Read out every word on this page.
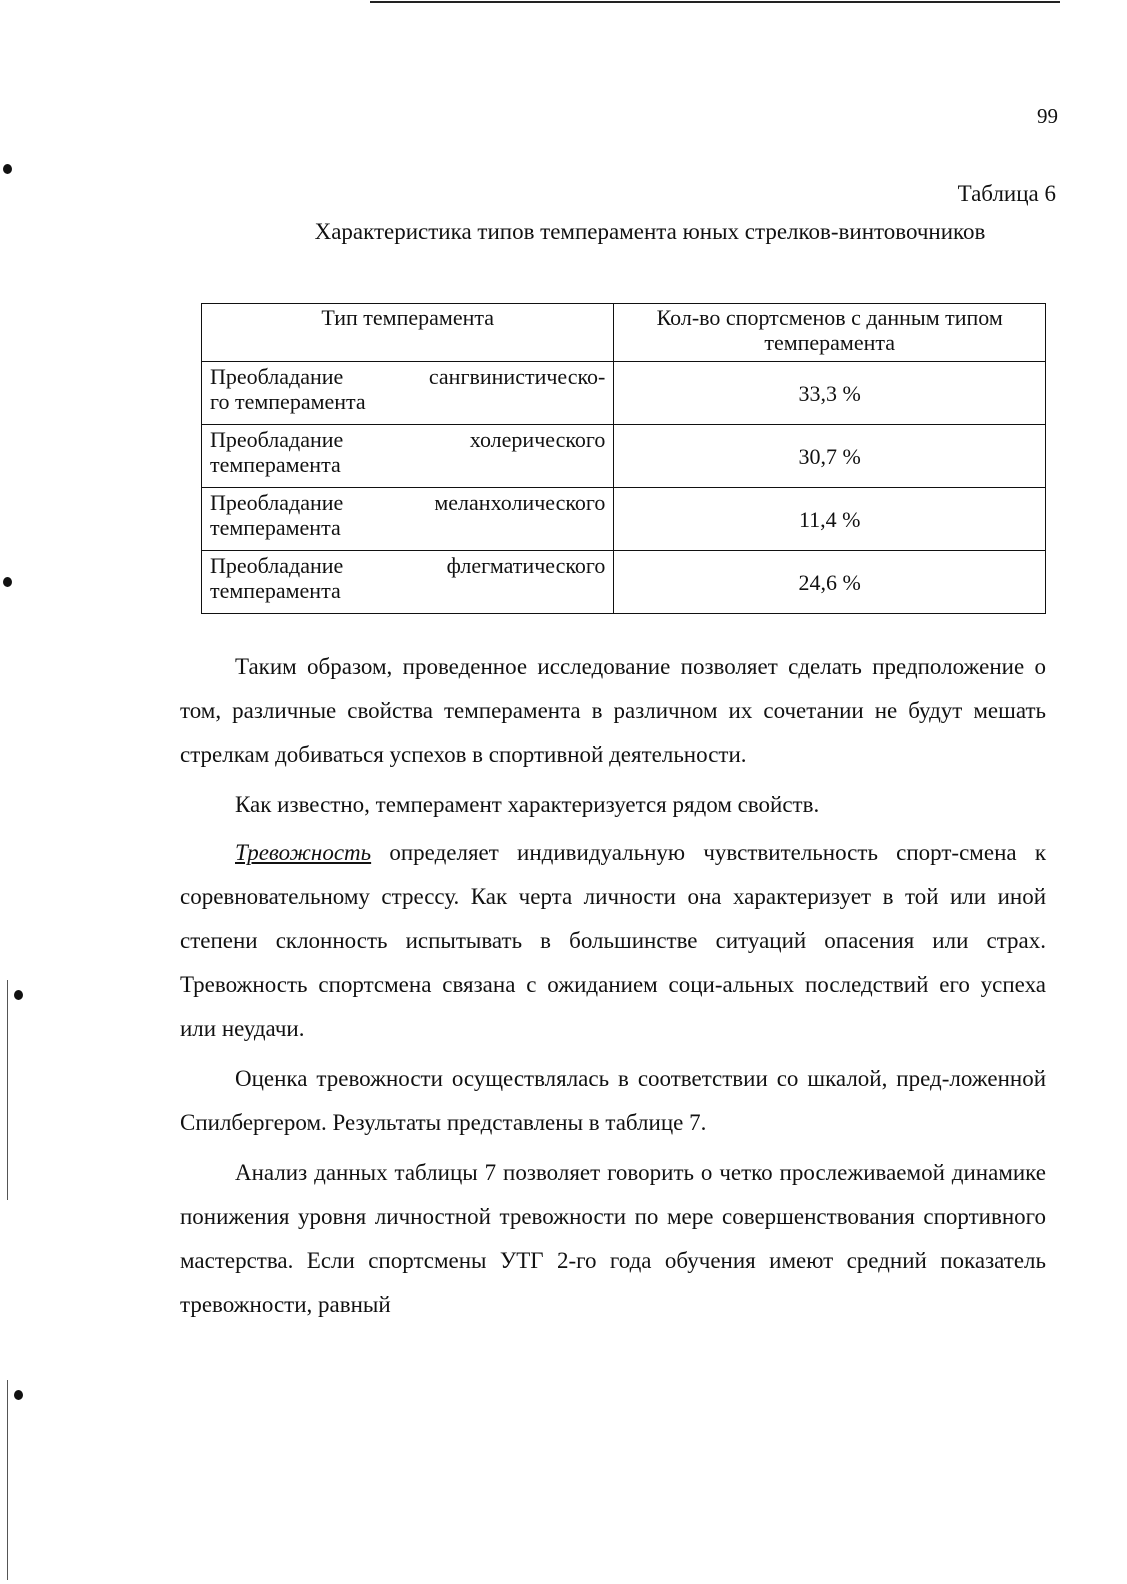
99
Таблица 6
Характеристика типов темперамента юных стрелков-винтовочников
Тип темперамента	Кол-во спортсменов с данным типом темперамента

Преобладание сангвинистическо-
го темперамента	33,3 %

Преобладание холерического
темперамента	30,7 %

Преобладание меланхолического
темперамента	11,4 %

Преобладание флегматического
темперамента	24,6 %

Таким образом, проведенное исследование позволяет сделать предположение о том, различные свойства темперамента в различном их сочетании не будут мешать стрелкам добиваться успехов в спортивной деятельности.

Как известно, темперамент характеризуется рядом свойств.

Тревожность определяет индивидуальную чувствительность спорт-смена к соревновательному стрессу. Как черта личности она характеризует в той или иной степени склонность испытывать в большинстве ситуаций опасения или страх. Тревожность спортсмена связана с ожиданием соци-альных последствий его успеха или неудачи.

Оценка тревожности осуществлялась в соответствии со шкалой, пред-ложенной Спилбергером. Результаты представлены в таблице 7.

Анализ данных таблицы 7 позволяет говорить о четко прослеживаемой динамике понижения уровня личностной тревожности по мере совершенствования спортивного мастерства. Если спортсмены УТГ 2-го года обучения имеют средний показатель тревожности, равный
